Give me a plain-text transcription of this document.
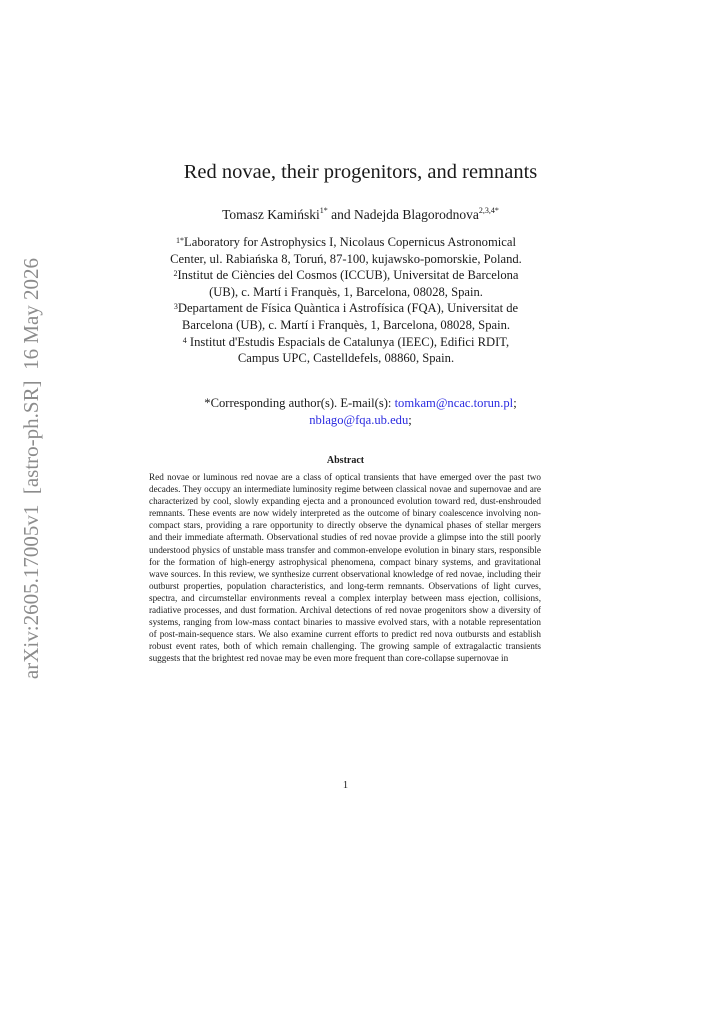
arXiv:2605.17005v1  [astro-ph.SR]  16 May 2026
Red novae, their progenitors, and remnants
Tomasz Kamiński$^{1*}$ and Nadejda Blagorodnova$^{2,3,4*}$
$^{1*}$Laboratory for Astrophysics I, Nicolaus Copernicus Astronomical
Center, ul. Rabiańska 8, Toruń, 87-100, kujawsko-pomorskie, Poland.
$^2$Institut de Ciències del Cosmos (ICCUB), Universitat de Barcelona
(UB), c. Martí i Franquès, 1, Barcelona, 08028, Spain.
$^3$Departament de Física Quàntica i Astrofísica (FQA), Universitat de
Barcelona (UB), c. Martí i Franquès, 1, Barcelona, 08028, Spain.
$^4$ Institut d'Estudis Espacials de Catalunya (IEEC), Edifici RDIT,
Campus UPC, Castelldefels, 08860, Spain.
*Corresponding author(s). E-mail(s): tomkam@ncac.torun.pl;
nblago@fqa.ub.edu;
Abstract

Red novae or luminous red novae are a class of optical transients that have emerged over the past two decades. They occupy an intermediate luminosity regime between classical novae and supernovae and are characterized by cool, slowly expanding ejecta and a pronounced evolution toward red, dust-enshrouded remnants. These events are now widely interpreted as the outcome of binary coalescence involving non-compact stars, providing a rare opportunity to directly observe the dynamical phases of stellar mergers and their immediate aftermath. Observational studies of red novae provide a glimpse into the still poorly understood physics of unstable mass transfer and common-envelope evolution in binary stars, responsible for the formation of high-energy astrophysical phenomena, compact binary systems, and gravitational wave sources. In this review, we synthesize current observational knowledge of red novae, including their outburst properties, population characteristics, and long-term remnants. Observations of light curves, spectra, and circumstellar environments reveal a complex interplay between mass ejection, collisions, radiative processes, and dust formation. Archival detections of red novae progenitors show a diversity of systems, ranging from low-mass contact binaries to massive evolved stars, with a notable representation of post-main-sequence stars. We also examine current efforts to predict red nova outbursts and establish robust event rates, both of which remain challenging. The growing sample of extragalactic transients suggests that the brightest red novae may be even more frequent than core-collapse supernovae in

1
